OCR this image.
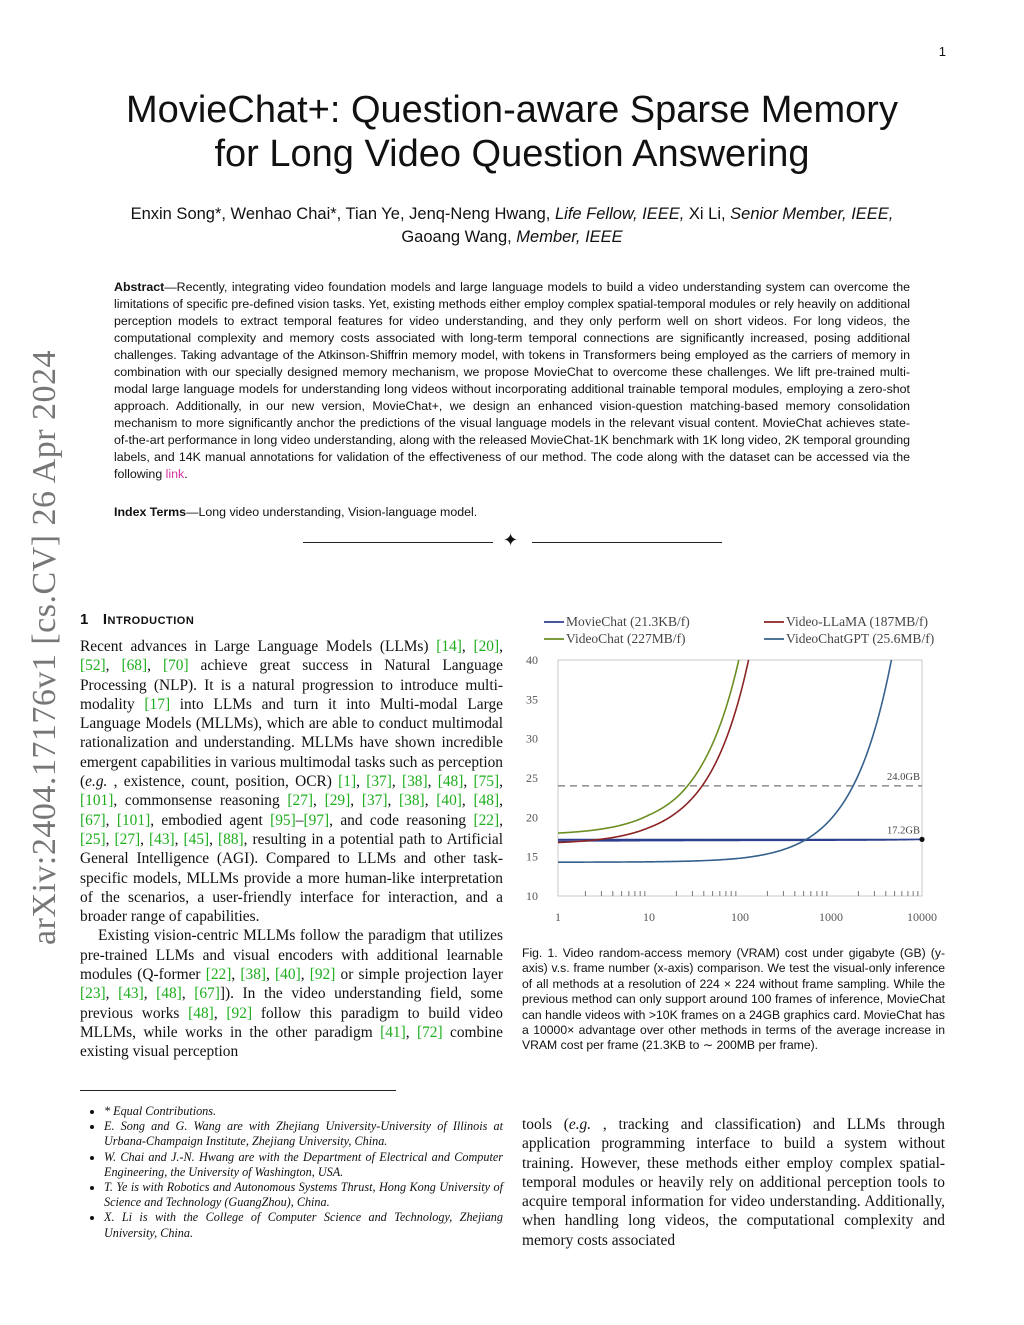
1
arXiv:2404.17176v1 [cs.CV] 26 Apr 2024
MovieChat+: Question-aware Sparse Memory
for Long Video Question Answering
Enxin Song*, Wenhao Chai*, Tian Ye, Jenq-Neng Hwang, Life Fellow, IEEE, Xi Li, Senior Member, IEEE,
Gaoang Wang, Member, IEEE
Abstract—Recently, integrating video foundation models and large language models to build a video understanding system can overcome the limitations of specific pre-defined vision tasks. Yet, existing methods either employ complex spatial-temporal modules or rely heavily on additional perception models to extract temporal features for video understanding, and they only perform well on short videos. For long videos, the computational complexity and memory costs associated with long-term temporal connections are significantly increased, posing additional challenges. Taking advantage of the Atkinson-Shiffrin memory model, with tokens in Transformers being employed as the carriers of memory in combination with our specially designed memory mechanism, we propose MovieChat to overcome these challenges. We lift pre-trained multi-modal large language models for understanding long videos without incorporating additional trainable temporal modules, employing a zero-shot approach. Additionally, in our new version, MovieChat+, we design an enhanced vision-question matching-based memory consolidation mechanism to more significantly anchor the predictions of the visual language models in the relevant visual content. MovieChat achieves state-of-the-art performance in long video understanding, along with the released MovieChat-1K benchmark with 1K long video, 2K temporal grounding labels, and 14K manual annotations for validation of the effectiveness of our method. The code along with the dataset can be accessed via the following link.
Index Terms—Long video understanding, Vision-language model.
✦
1 Introduction
Recent advances in Large Language Models (LLMs) [14], [20], [52], [68], [70] achieve great success in Natural Language Processing (NLP). It is a natural progression to introduce multi-modality [17] into LLMs and turn it into Multi-modal Large Language Models (MLLMs), which are able to conduct multimodal rationalization and understanding. MLLMs have shown incredible emergent capabilities in various multimodal tasks such as perception (e.g. , existence, count, position, OCR) [1], [37], [38], [48], [75], [101], commonsense reasoning [27], [29], [37], [38], [40], [48], [67], [101], embodied agent [95]–[97], and code reasoning [22], [25], [27], [43], [45], [88], resulting in a potential path to Artificial General Intelligence (AGI). Compared to LLMs and other task-specific models, MLLMs provide a more human-like interpretation of the scenarios, a user-friendly interface for interaction, and a broader range of capabilities.
Existing vision-centric MLLMs follow the paradigm that utilizes pre-trained LLMs and visual encoders with additional learnable modules (Q-former [22], [38], [40], [92] or simple projection layer [23], [43], [48], [67]]). In the video understanding field, some previous works [48], [92] follow this paradigm to build video MLLMs, while works in the other paradigm [41], [72] combine existing visual perception
• * Equal Contributions.
• E. Song and G. Wang are with Zhejiang University-University of Illinois at Urbana-Champaign Institute, Zhejiang University, China.
• W. Chai and J.-N. Hwang are with the Department of Electrical and Computer Engineering, the University of Washington, USA.
• T. Ye is with Robotics and Autonomous Systems Thrust, Hong Kong University of Science and Technology (GuangZhou), China.
• X. Li is with the College of Computer Science and Technology, Zhejiang University, China.
10
15
20
25
30
35
40
1	10	100	1000	10000
24.0GB
17.2GB
MovieChat (21.3KB/f)	Video-LLaMA (187MB/f)
VideoChat (227MB/f)	VideoChatGPT (25.6MB/f)
Fig. 1. Video random-access memory (VRAM) cost under gigabyte (GB) (y-axis) v.s. frame number (x-axis) comparison. We test the visual-only inference of all methods at a resolution of 224 × 224 without frame sampling. While the previous method can only support around 100 frames of inference, MovieChat can handle videos with >10K frames on a 24GB graphics card. MovieChat has a 10000× advantage over other methods in terms of the average increase in VRAM cost per frame (21.3KB to ∼ 200MB per frame).
tools (e.g. , tracking and classification) and LLMs through application programming interface to build a system without training. However, these methods either employ complex spatial-temporal modules or heavily rely on additional perception tools to acquire temporal information for video understanding. Additionally, when handling long videos, the computational complexity and memory costs associated
